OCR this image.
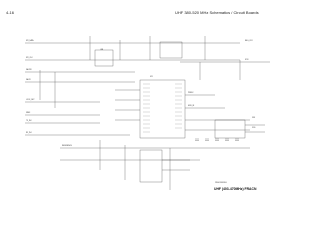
4-16	UHF 380-520 MHz Schematics / Circuit Boards
SPI_DATA
SPI_CLK
DACRX
DACR
LOCK_DET
FREF
TX_INJ
RX_INJ
U21
SYN
NEG_VCO
VSF
VDD
PRESC
MOD_IN
LSB
REFERENCE
ZWG0130198-B
UHF (403-470MHz) FRACN
